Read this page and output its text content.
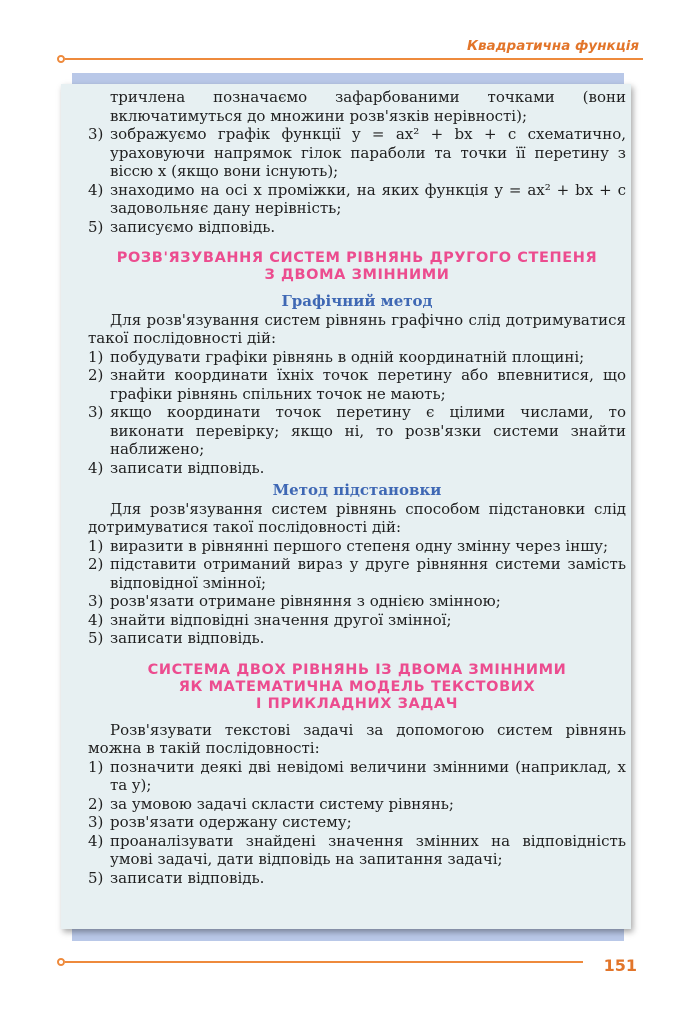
Квадратична функція

тричлена позначаємо зафарбованими точками (вони включатимуться до множини розв'язків нерівності);

3) зображуємо графік функції y = ax² + bx + c схематично, ураховуючи напрямок гілок параболи та точки її перетину з віссю x (якщо вони існують);
4) знаходимо на осі x проміжки, на яких функція y = ax² + bx + c задовольняє дану нерівність;
5) записуємо відповідь.

РОЗВ'ЯЗУВАННЯ СИСТЕМ РІВНЯНЬ ДРУГОГО СТЕПЕНЯ

З ДВОМА ЗМІННИМИ

Графічний метод

Для розв'язування систем рівнянь графічно слід дотримуватися такої послідовності дій:

1) побудувати графіки рівнянь в одній координатній площині;
2) знайти координати їхніх точок перетину або впевнитися, що графіки рівнянь спільних точок не мають;
3) якщо координати точок перетину є цілими числами, то виконати перевірку; якщо ні, то розв'язки системи знайти наближено;
4) записати відповідь.

Метод підстановки

Для розв'язування систем рівнянь способом підстановки слід дотримуватися такої послідовності дій:

1) виразити в рівнянні першого степеня одну змінну через іншу;
2) підставити отриманий вираз у друге рівняння системи замість відповідної змінної;
3) розв'язати отримане рівняння з однією змінною;
4) знайти відповідні значення другої змінної;
5) записати відповідь.

СИСТЕМА ДВОХ РІВНЯНЬ ІЗ ДВОМА ЗМІННИМИ

ЯК МАТЕМАТИЧНА МОДЕЛЬ ТЕКСТОВИХ

І ПРИКЛАДНИХ ЗАДАЧ

Розв'язувати текстові задачі за допомогою систем рівнянь можна в такій послідовності:

1) позначити деякі дві невідомі величини змінними (наприклад, x та y);
2) за умовою задачі скласти систему рівнянь;
3) розв'язати одержану систему;
4) проаналізувати знайдені значення змінних на відповідність умові задачі, дати відповідь на запитання задачі;
5) записати відповідь.
151
